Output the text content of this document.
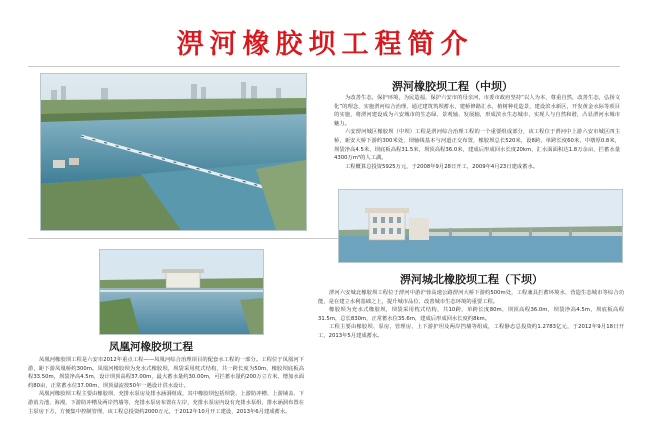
淠河橡胶坝工程简介
淠河橡胶坝工程（中坝）

为改善生态，保护环境，为民造福，保护六安市的母亲河，市委市政府坚持“以人为本，尊重自然，改善生态，弘扬文化”的理念，实施淠河综合治理，通过建筑筑坝蓄水，建桥修路汇水，植树种花造景，建设滨水新区，开发黄金水际等项目的实施，将淠河建设成为六安城市的生态绿、景观轴、发展轴，形成滨水生态城市，实现人与自然和谐，凸显淠河水城市魅力。

六安淠河城区橡胶坝（中坝）工程是淠河综合治理工程的一个重要组成部分，该工程位于淠河中上游六安市城区四主桥，新安大桥下游约300米处，坝轴线基本与河道正交布置，橡胶坝总长520米，设8跨，单跨长度60米，中墩厚0.8米，坝袋净高4.5米，坝底板高程31.5米，坝顶高程36.0米，建成后形成回水长度20km，汇水面面积达1.8万余亩，拦蓄水量4300万m³的人工湖。

工程概算总投资5925万元，于2008年9月28日开工，2009年4月23日建成蓄水。

淠河城北橡胶坝工程（下坝）

淠河六安城北橡胶坝工程位于淠河中游沪蓉高速公路淠河大桥下游约500m处，工程兼具拦蓄环境水、营造生态城市等综合功能，是在建立水利基础之上，提升城市品位、改善城市生态环境的重要工程。

橡胶坝为充水式橡胶坝，坝袋采用枕式结构，共10跨，单跨长度80m，坝顶高程36.0m，坝袋净高4.5m，坝底板高程31.5m，总长830m，正常蓄水位35.6m，建成后形成回水长度约8km。

工程主要由橡胶坝、泵房、管理房、上下游护坦及两岸挡墙等组成，工程静态总投资约1.2783亿元，于2012年9月18日开工，2013年5月建成蓄水。

凤凰河橡胶坝工程

凤凰河橡胶坝工程是六安市2012年重点工程——凤凰河综合治理项目的配套水工程的一部分。工程位于凤凰河下游，距下游凤凰桥约300m。凤凰河橡胶坝为充水式橡胶坝，坝袋采用枕式结构，共一跨长度为50m，橡胶坝底板高程33.50m，坝袋净高4.5m，设计坝顶高程37.00m，最大蓄水量约30.00m，可拦蓄水量约200万立方米，增加水面约80亩，正常蓄水位37.00m，坝顶溢流按50年一遇设计洪水设计。

凤凰河橡胶坝工程主要由橡胶坝、充排水泵房及排水涵洞组成，其中橡胶坝包括坝袋、上游防冲槽、上游铺盖、下游消力池、海漫、下游防冲槽及两岸挡墙等，充排水泵房布置在左岸，充排水泵房内设有充排水泵组，排水涵洞布置在主泵房下方，方便集中控制管理，该工程总投资约2000万元，于2012年10月开工建设，2013年6月建成蓄水。
